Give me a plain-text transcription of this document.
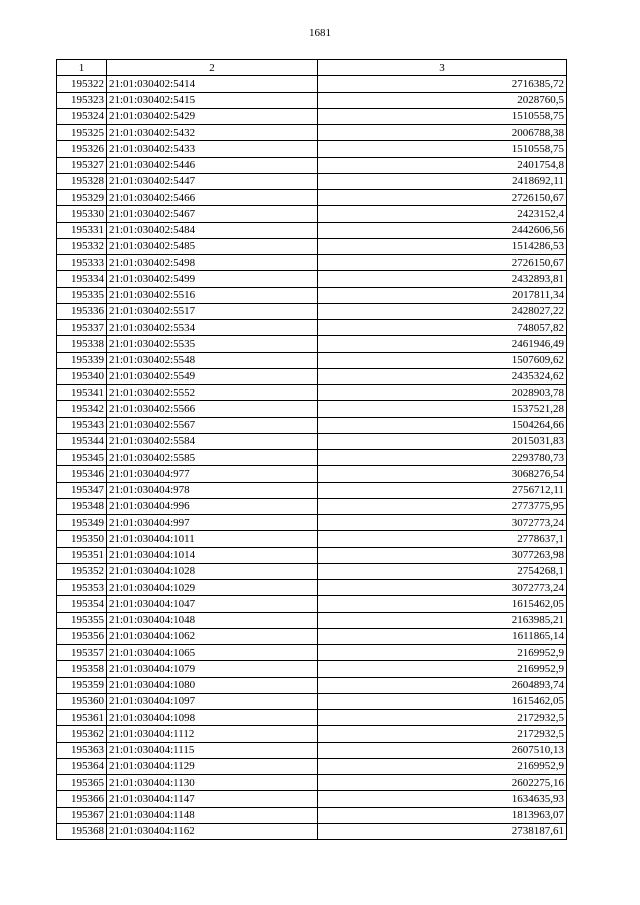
1681
1	2	3
195322	21:01:030402:5414	2716385,72
195323	21:01:030402:5415	2028760,5
195324	21:01:030402:5429	1510558,75
195325	21:01:030402:5432	2006788,38
195326	21:01:030402:5433	1510558,75
195327	21:01:030402:5446	2401754,8
195328	21:01:030402:5447	2418692,11
195329	21:01:030402:5466	2726150,67
195330	21:01:030402:5467	2423152,4
195331	21:01:030402:5484	2442606,56
195332	21:01:030402:5485	1514286,53
195333	21:01:030402:5498	2726150,67
195334	21:01:030402:5499	2432893,81
195335	21:01:030402:5516	2017811,34
195336	21:01:030402:5517	2428027,22
195337	21:01:030402:5534	748057,82
195338	21:01:030402:5535	2461946,49
195339	21:01:030402:5548	1507609,62
195340	21:01:030402:5549	2435324,62
195341	21:01:030402:5552	2028903,78
195342	21:01:030402:5566	1537521,28
195343	21:01:030402:5567	1504264,66
195344	21:01:030402:5584	2015031,83
195345	21:01:030402:5585	2293780,73
195346	21:01:030404:977	3068276,54
195347	21:01:030404:978	2756712,11
195348	21:01:030404:996	2773775,95
195349	21:01:030404:997	3072773,24
195350	21:01:030404:1011	2778637,1
195351	21:01:030404:1014	3077263,98
195352	21:01:030404:1028	2754268,1
195353	21:01:030404:1029	3072773,24
195354	21:01:030404:1047	1615462,05
195355	21:01:030404:1048	2163985,21
195356	21:01:030404:1062	1611865,14
195357	21:01:030404:1065	2169952,9
195358	21:01:030404:1079	2169952,9
195359	21:01:030404:1080	2604893,74
195360	21:01:030404:1097	1615462,05
195361	21:01:030404:1098	2172932,5
195362	21:01:030404:1112	2172932,5
195363	21:01:030404:1115	2607510,13
195364	21:01:030404:1129	2169952,9
195365	21:01:030404:1130	2602275,16
195366	21:01:030404:1147	1634635,93
195367	21:01:030404:1148	1813963,07
195368	21:01:030404:1162	2738187,61
